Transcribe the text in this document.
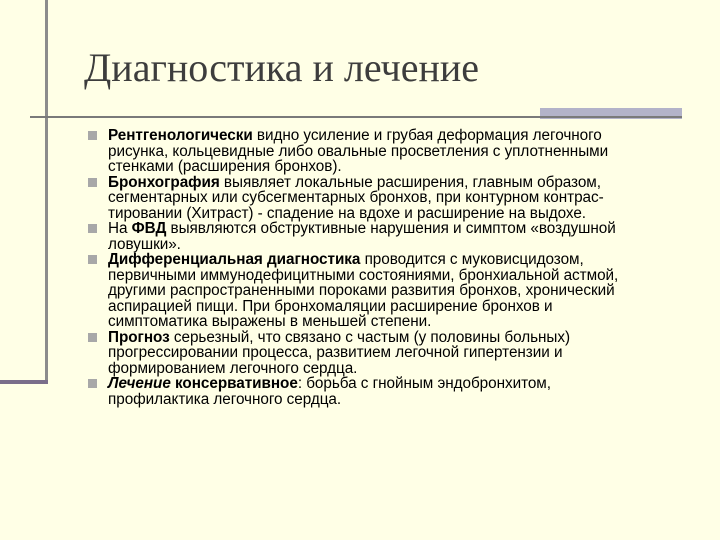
Диагностика и лечение
Рентгенологически видно усиление и грубая деформация легочного
рисунка, кольцевидные либо овальные просветления с уплотненными
стенками (расширения бронхов).
Бронхография выявляет локальные расширения, главным образом,
сегментарных или субсегментарных бронхов, при контурном контрас-
тировании (Хитраст) - спадение на вдохе и расширение на выдохе.
На ФВД выявляются обструктивные нарушения и симптом «воздушной
ловушки».
Дифференциальная диагностика проводится с муковисцидозом,
первичными иммунодефицитными состояниями, бронхиальной астмой,
другими распространенными пороками развития бронхов, хронический
аспирацией пищи. При бронхомаляции расширение бронхов и
симптоматика выражены в меньшей степени.
Прогноз серьезный, что связано с частым (у половины больных)
прогрессировании процесса, развитием легочной гипертензии и
формированием легочного сердца.
Лечение консервативное: борьба с гнойным эндобронхитом,
профилактика легочного сердца.
